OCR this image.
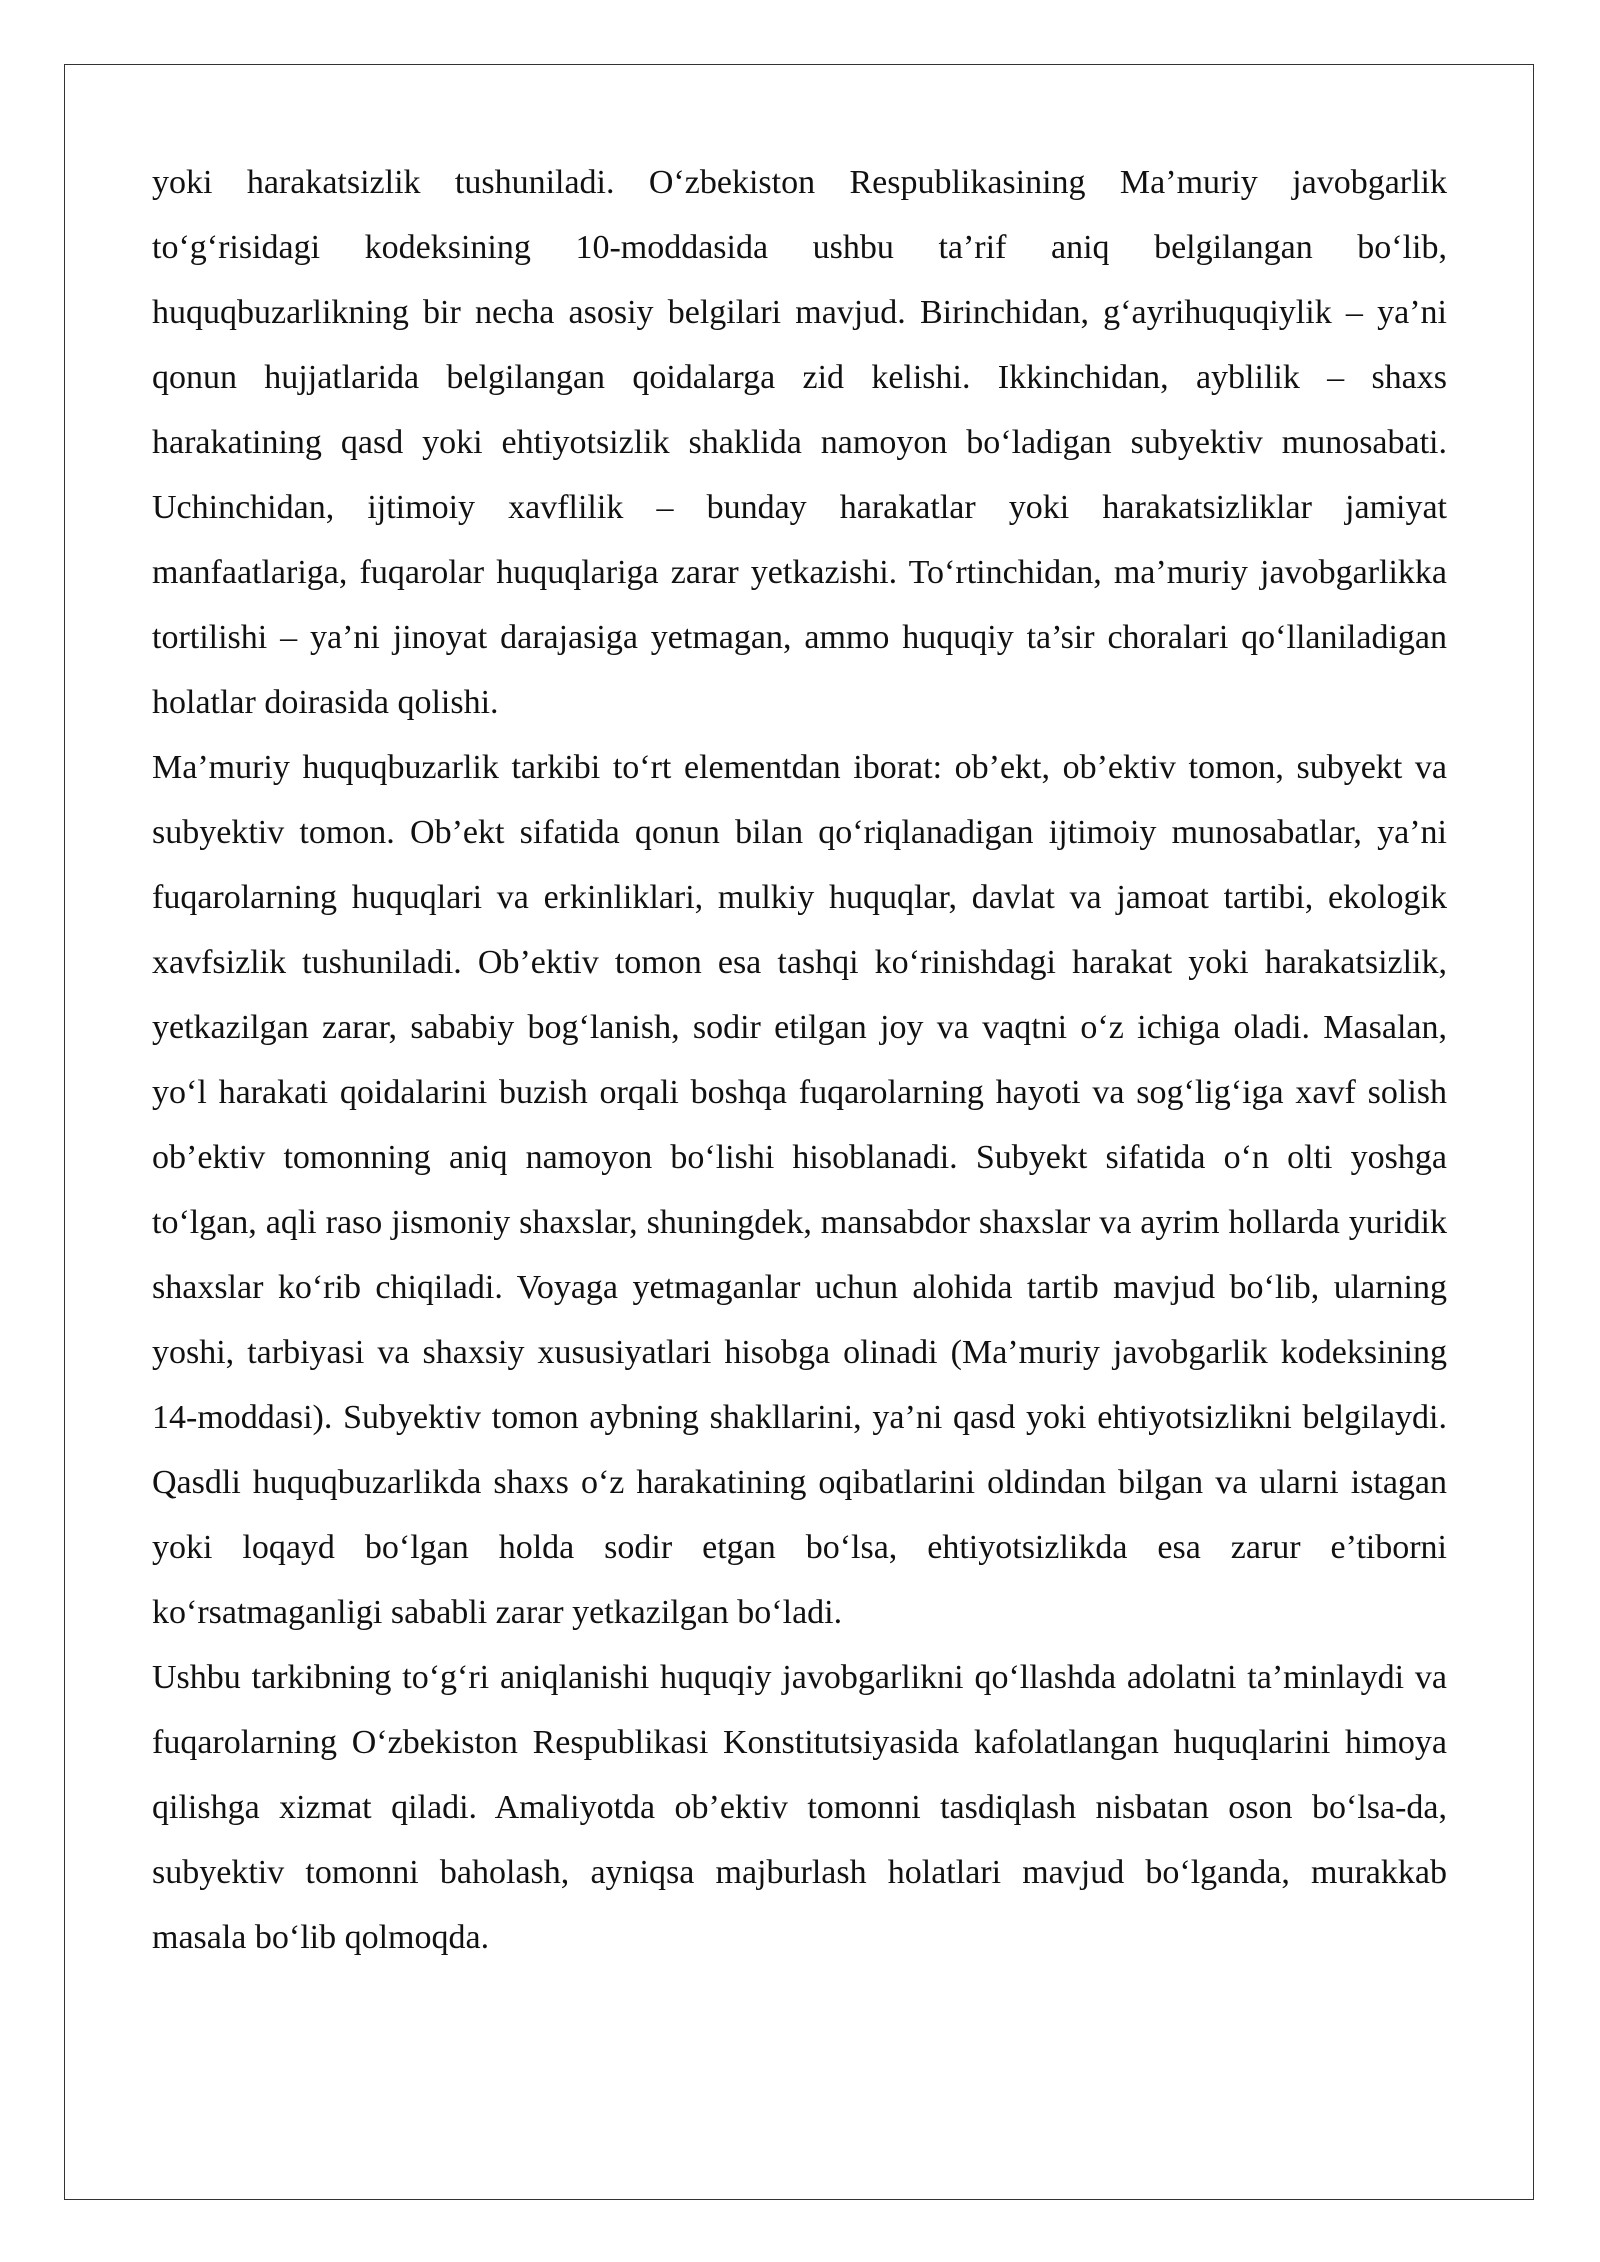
yoki harakatsizlik tushuniladi. O‘zbekiston Respublikasining Ma’muriy javobgarlik to‘g‘risidagi kodeksining 10-moddasida ushbu ta’rif aniq belgilangan bo‘lib, huquqbuzarlikning bir necha asosiy belgilari mavjud. Birinchidan, g‘ayrihuquqiylik – ya’ni qonun hujjatlarida belgilangan qoidalarga zid kelishi. Ikkinchidan, ayblilik – shaxs harakatining qasd yoki ehtiyotsizlik shaklida namoyon bo‘ladigan subyektiv munosabati. Uchinchidan, ijtimoiy xavflilik – bunday harakatlar yoki harakatsizliklar jamiyat manfaatlariga, fuqarolar huquqlariga zarar yetkazishi. To‘rtinchidan, ma’muriy javobgarlikka tortilishi – ya’ni jinoyat darajasiga yetmagan, ammo huquqiy ta’sir choralari qo‘llaniladigan holatlar doirasida qolishi.

Ma’muriy huquqbuzarlik tarkibi to‘rt elementdan iborat: ob’ekt, ob’ektiv tomon, subyekt va subyektiv tomon. Ob’ekt sifatida qonun bilan qo‘riqlanadigan ijtimoiy munosabatlar, ya’ni fuqarolarning huquqlari va erkinliklari, mulkiy huquqlar, davlat va jamoat tartibi, ekologik xavfsizlik tushuniladi. Ob’ektiv tomon esa tashqi ko‘rinishdagi harakat yoki harakatsizlik, yetkazilgan zarar, sababiy bog‘lanish, sodir etilgan joy va vaqtni o‘z ichiga oladi. Masalan, yo‘l harakati qoidalarini buzish orqali boshqa fuqarolarning hayoti va sog‘lig‘iga xavf solish ob’ektiv tomonning aniq namoyon bo‘lishi hisoblanadi. Subyekt sifatida o‘n olti yoshga to‘lgan, aqli raso jismoniy shaxslar, shuningdek, mansabdor shaxslar va ayrim hollarda yuridik shaxslar ko‘rib chiqiladi. Voyaga yetmaganlar uchun alohida tartib mavjud bo‘lib, ularning yoshi, tarbiyasi va shaxsiy xususiyatlari hisobga olinadi (Ma’muriy javobgarlik kodeksining 14-moddasi). Subyektiv tomon aybning shakllarini, ya’ni qasd yoki ehtiyotsizlikni belgilaydi. Qasdli huquqbuzarlikda shaxs o‘z harakatining oqibatlarini oldindan bilgan va ularni istagan yoki loqayd bo‘lgan holda sodir etgan bo‘lsa, ehtiyotsizlikda esa zarur e’tiborni ko‘rsatmaganligi sababli zarar yetkazilgan bo‘ladi.

Ushbu tarkibning to‘g‘ri aniqlanishi huquqiy javobgarlikni qo‘llashda adolatni ta’minlaydi va fuqarolarning O‘zbekiston Respublikasi Konstitutsiyasida kafolatlangan huquqlarini himoya qilishga xizmat qiladi. Amaliyotda ob’ektiv tomonni tasdiqlash nisbatan oson bo‘lsa-da, subyektiv tomonni baholash, ayniqsa majburlash holatlari mavjud bo‘lganda, murakkab masala bo‘lib qolmoqda.
